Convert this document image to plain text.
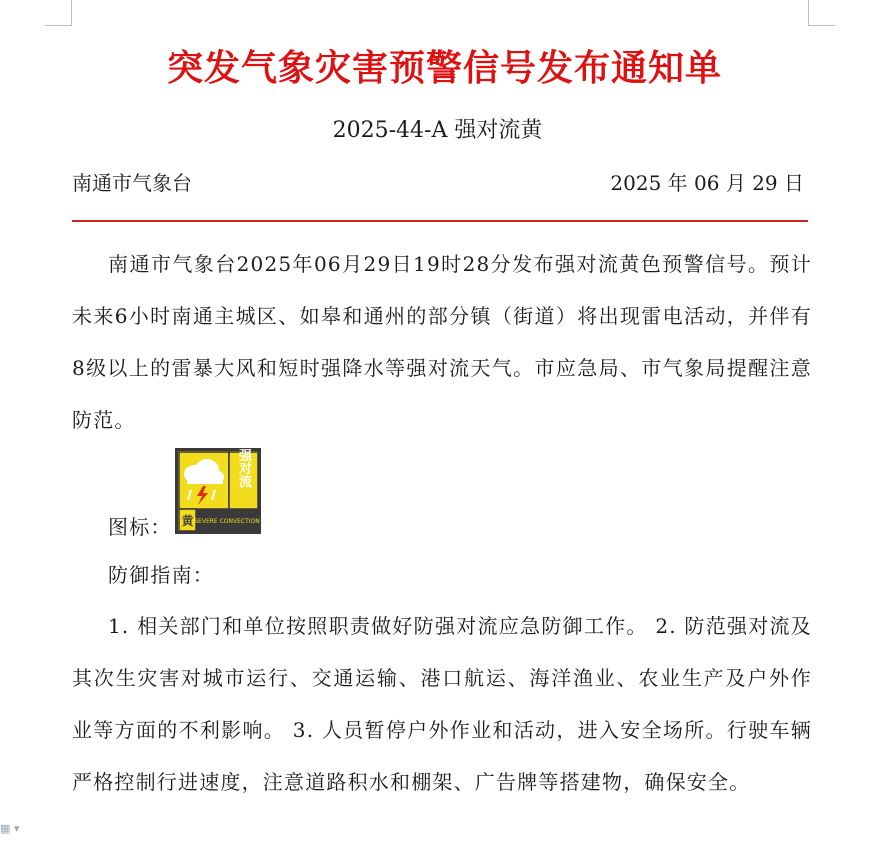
突发气象灾害预警信号发布通知单
2025-44-A 强对流黄
南通市气象台	2025 年 06 月 29 日
南通市气象台2025年06月29日19时28分发布强对流黄色预警信号。预计未来6小时南通主城区、如皋和通州的部分镇（街道）将出现雷电活动，并伴有8级以上的雷暴大风和短时强降水等强对流天气。市应急局、市气象局提醒注意防范。
图标：
强对流
黄 SEVERE CONVECTION
防御指南：
1. 相关部门和单位按照职责做好防强对流应急防御工作。 2. 防范强对流及其次生灾害对城市运行、交通运输、港口航运、海洋渔业、农业生产及户外作业等方面的不利影响。 3. 人员暂停户外作业和活动，进入安全场所。行驶车辆严格控制行进速度，注意道路积水和棚架、广告牌等搭建物，确保安全。
▦ ▾
